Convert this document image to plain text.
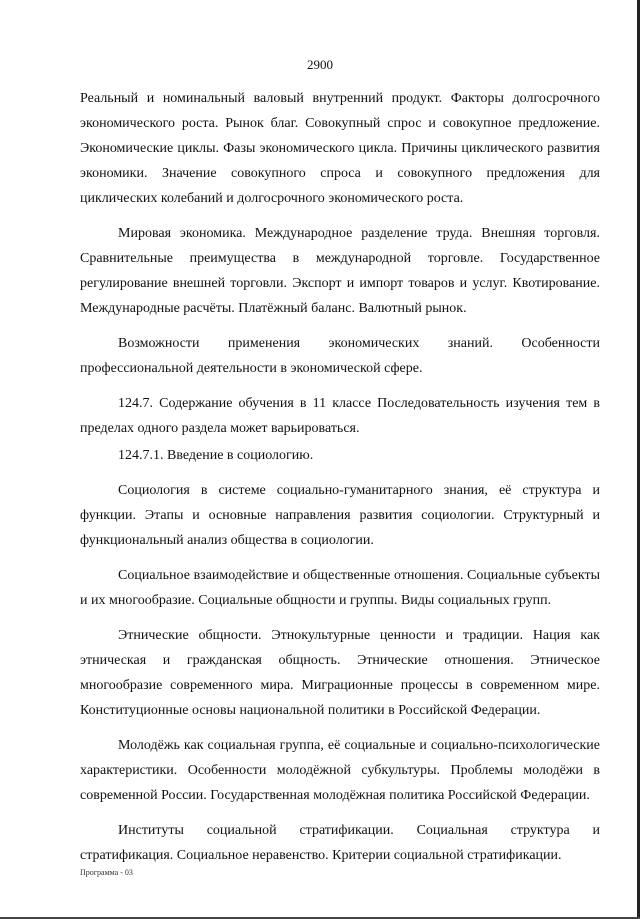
2900

Реальный и номинальный валовый внутренний продукт. Факторы долгосрочного экономического роста. Рынок благ. Совокупный спрос и совокупное предложение. Экономические циклы. Фазы экономического цикла. Причины циклического развития экономики. Значение совокупного спроса и совокупного предложения для циклических колебаний и долгосрочного экономического роста.

Мировая экономика. Международное разделение труда. Внешняя торговля. Сравнительные преимущества в международной торговле. Государственное регулирование внешней торговли. Экспорт и импорт товаров и услуг. Квотирование. Международные расчёты. Платёжный баланс. Валютный рынок.

Возможности применения экономических знаний. Особенности профессиональной деятельности в экономической сфере.

124.7. Содержание обучения в 11 классе Последовательность изучения тем в пределах одного раздела может варьироваться.

124.7.1. Введение в социологию.

Социология в системе социально-гуманитарного знания, её структура и функции. Этапы и основные направления развития социологии. Структурный и функциональный анализ общества в социологии.

Социальное взаимодействие и общественные отношения. Социальные субъекты и их многообразие. Социальные общности и группы. Виды социальных групп.

Этнические общности. Этнокультурные ценности и традиции. Нация как этническая и гражданская общность. Этнические отношения. Этническое многообразие современного мира. Миграционные процессы в современном мире. Конституционные основы национальной политики в Российской Федерации.

Молодёжь как социальная группа, её социальные и социально-психологические характеристики. Особенности молодёжной субкультуры. Проблемы молодёжи в современной России. Государственная молодёжная политика Российской Федерации.

Институты социальной стратификации. Социальная структура и стратификация. Социальное неравенство. Критерии социальной стратификации.

Программа - 03
